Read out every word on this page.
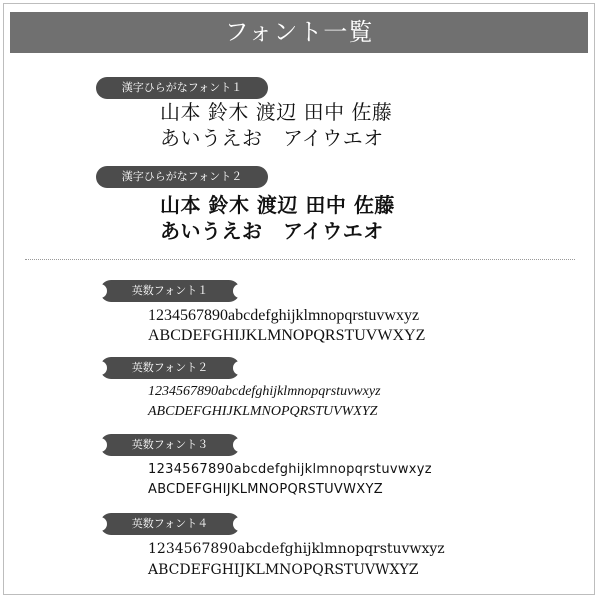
フォント一覧
漢字ひらがなフォント１
山本 鈴木 渡辺 田中 佐藤
あいうえお　アイウエオ
漢字ひらがなフォント２
山本 鈴木 渡辺 田中 佐藤
あいうえお　アイウエオ
英数フォント１
1234567890abcdefghijklmnopqrstuvwxyz
ABCDEFGHIJKLMNOPQRSTUVWXYZ
英数フォント２
1234567890abcdefghijklmnopqrstuvwxyz
ABCDEFGHIJKLMNOPQRSTUVWXYZ
英数フォント３
1234567890abcdefghijklmnopqrstuvwxyz
ABCDEFGHIJKLMNOPQRSTUVWXYZ
英数フォント４
1234567890abcdefghijklmnopqrstuvwxyz
ABCDEFGHIJKLMNOPQRSTUVWXYZ
